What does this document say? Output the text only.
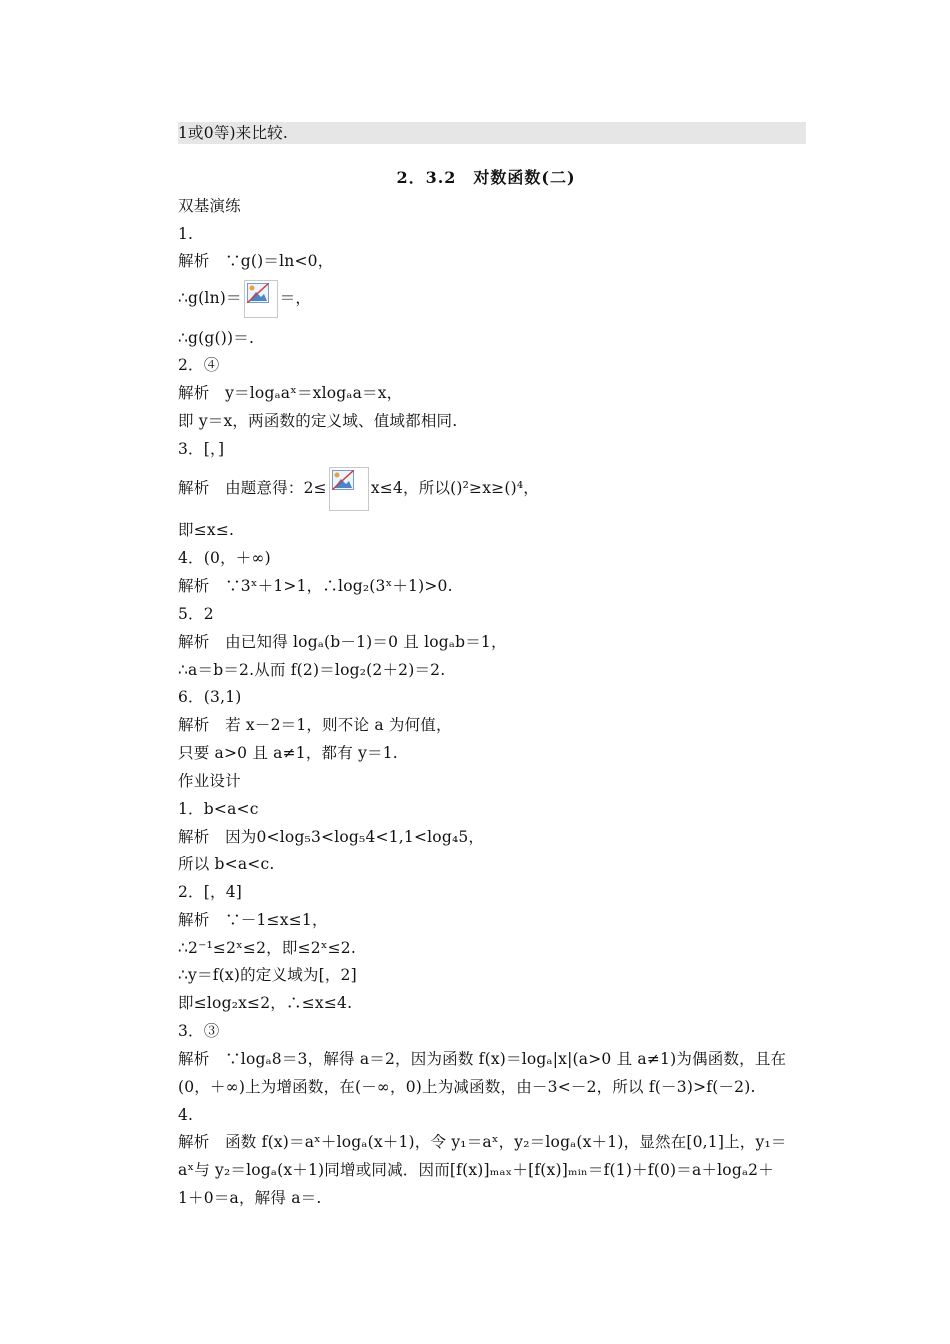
1或0等)来比较.
2．3.2　对数函数(二)
双基演练
1.
解析　∵g()＝ln<0，
∴g(ln)＝ ＝，
∴g(g())＝.
2．④
解析　y＝logₐaˣ＝xlogₐa＝x，
即 y＝x，两函数的定义域、值域都相同.
3．[，]
解析　由题意得：2≤	x≤4，所以()²≥x≥()⁴，
即≤x≤.
4．(0，＋∞)
解析　∵3ˣ＋1>1，∴log₂(3ˣ＋1)>0.
5．2
解析　由已知得 logₐ(b－1)＝0 且 logₐb＝1，
∴a＝b＝2.从而 f(2)＝log₂(2＋2)＝2.
6．(3,1)
解析　若 x－2＝1，则不论 a 为何值，
只要 a>0 且 a≠1，都有 y＝1.
作业设计
1．b<a<c
解析　因为0<log₅3<log₅4<1,1<log₄5，
所以 b<a<c.
2．[，4]
解析　∵－1≤x≤1，
∴2⁻¹≤2ˣ≤2，即≤2ˣ≤2.
∴y＝f(x)的定义域为[，2]
即≤log₂x≤2，∴≤x≤4.
3．③
解析　∵logₐ8＝3，解得 a＝2，因为函数 f(x)＝logₐ|x|(a>0 且 a≠1)为偶函数，且在
(0，＋∞)上为增函数，在(－∞，0)上为减函数，由－3<－2，所以 f(－3)>f(－2).
4.
解析　函数 f(x)＝aˣ＋logₐ(x＋1)，令 y₁＝aˣ，y₂＝logₐ(x＋1)，显然在[0,1]上，y₁＝
aˣ与 y₂＝logₐ(x＋1)同增或同减．因而[f(x)]ₘₐₓ＋[f(x)]ₘᵢₙ＝f(1)＋f(0)＝a＋logₐ2＋
1＋0＝a，解得 a＝.
